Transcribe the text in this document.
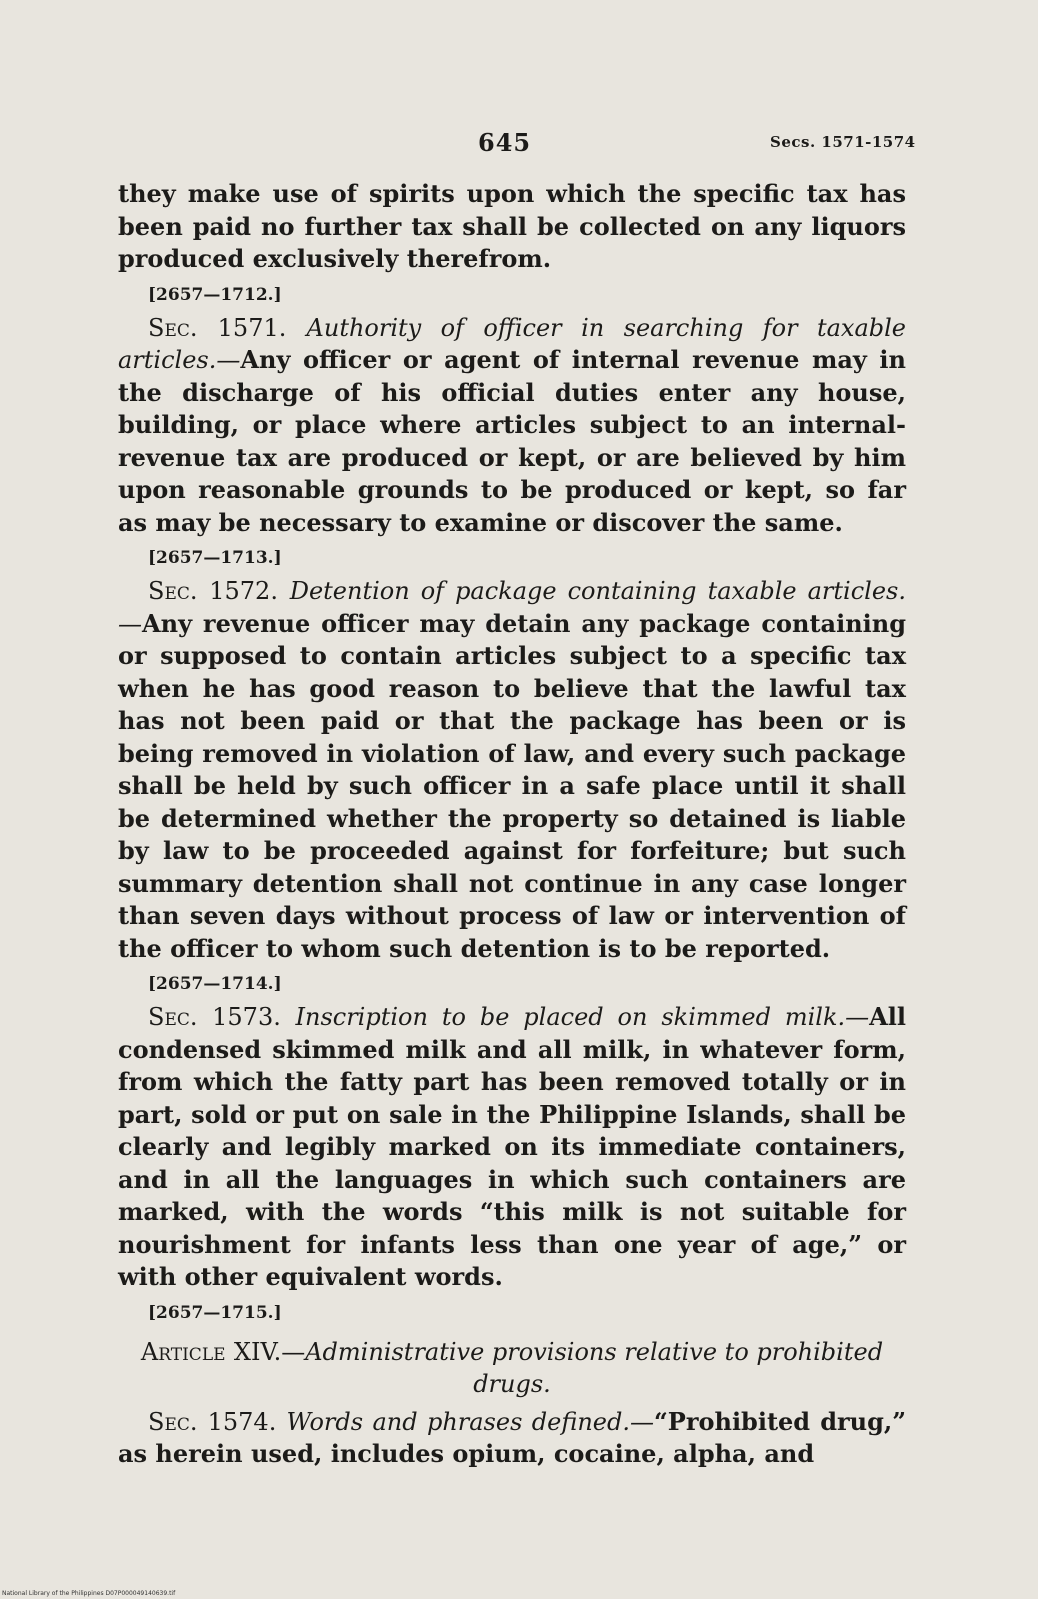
645	Secs. 1571-1574

they make use of spirits upon which the specific tax has been paid no further tax shall be collected on any liquors produced exclusively therefrom.

[2657—1712.]

Sec. 1571. Authority of officer in searching for taxable articles.—Any officer or agent of internal revenue may in the discharge of his official duties enter any house, building, or place where articles subject to an internal-revenue tax are produced or kept, or are believed by him upon reasonable grounds to be produced or kept, so far as may be necessary to examine or discover the same.

[2657—1713.]

Sec. 1572. Detention of package containing taxable articles.—Any revenue officer may detain any package containing or supposed to contain articles subject to a specific tax when he has good reason to believe that the lawful tax has not been paid or that the package has been or is being removed in violation of law, and every such package shall be held by such officer in a safe place until it shall be determined whether the property so detained is liable by law to be proceeded against for forfeiture; but such summary detention shall not continue in any case longer than seven days without process of law or intervention of the officer to whom such detention is to be reported.

[2657—1714.]

Sec. 1573. Inscription to be placed on skimmed milk.—All condensed skimmed milk and all milk, in whatever form, from which the fatty part has been removed totally or in part, sold or put on sale in the Philippine Islands, shall be clearly and legibly marked on its immediate containers, and in all the languages in which such containers are marked, with the words “this milk is not suitable for nourishment for infants less than one year of age,” or with other equivalent words.

[2657—1715.]
Article XIV.—Administrative provisions relative to prohibited drugs.

Sec. 1574. Words and phrases defined.—“Prohibited drug,” as herein used, includes opium, cocaine, alpha, and

National Library of the Philippines D07P000049140639.tif
